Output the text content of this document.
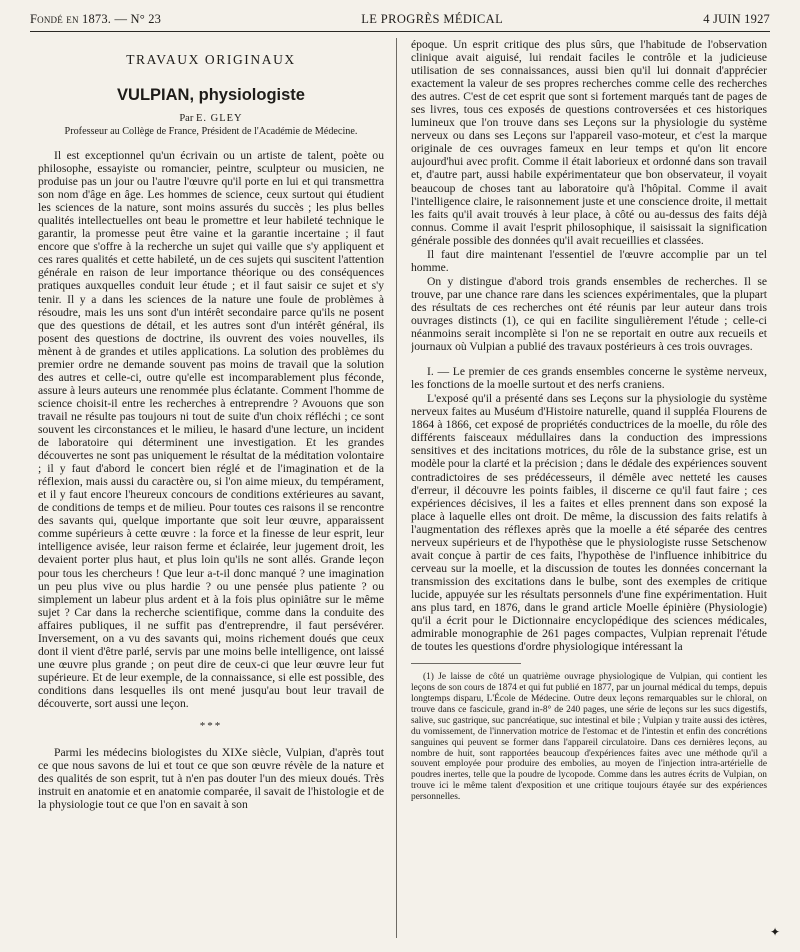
Fondé en 1873. — N° 23	LE PROGRÈS MÉDICAL	4 JUIN 1927
TRAVAUX ORIGINAUX
VULPIAN, physiologiste
Par E. GLEY
Professeur au Collège de France, Président de l'Académie de Médecine.

Il est exceptionnel qu'un écrivain ou un artiste de talent, poète ou philosophe, essayiste ou romancier, peintre, sculpteur ou musicien, ne produise pas un jour ou l'autre l'œuvre qu'il porte en lui et qui transmettra son nom d'âge en âge. Les hommes de science, ceux surtout qui étudient les sciences de la nature, sont moins assurés du succès ; les plus belles qualités intellectuelles ont beau le promettre et leur habileté technique le garantir, la promesse peut être vaine et la garantie incertaine ; il faut encore que s'offre à la recherche un sujet qui vaille que s'y appliquent et ces rares qualités et cette habileté, un de ces sujets qui suscitent l'attention générale en raison de leur importance théorique ou des conséquences pratiques auxquelles conduit leur étude ; et il faut saisir ce sujet et s'y tenir. Il y a dans les sciences de la nature une foule de problèmes à résoudre, mais les uns sont d'un intérêt secondaire parce qu'ils ne posent que des questions de détail, et les autres sont d'un intérêt général, ils posent des questions de doctrine, ils ouvrent des voies nouvelles, ils mènent à de grandes et utiles applications. La solution des problèmes du premier ordre ne demande souvent pas moins de travail que la solution des autres et celle-ci, outre qu'elle est incomparablement plus féconde, assure à leurs auteurs une renommée plus éclatante. Comment l'homme de science choisit-il entre les recherches à entreprendre ? Avouons que son travail ne résulte pas toujours ni tout de suite d'un choix réfléchi ; ce sont souvent les circonstances et le milieu, le hasard d'une lecture, un incident de laboratoire qui déterminent une investigation. Et les grandes découvertes ne sont pas uniquement le résultat de la méditation volontaire ; il y faut d'abord le concert bien réglé et de l'imagination et de la réflexion, mais aussi du caractère ou, si l'on aime mieux, du tempérament, et il y faut encore l'heureux concours de conditions extérieures au savant, de conditions de temps et de milieu. Pour toutes ces raisons il se rencontre des savants qui, quelque importante que soit leur œuvre, apparaissent comme supérieurs à cette œuvre : la force et la finesse de leur esprit, leur intelligence avisée, leur raison ferme et éclairée, leur jugement droit, les devaient porter plus haut, et plus loin qu'ils ne sont allés. Grande leçon pour tous les chercheurs ! Que leur a-t-il donc manqué ? une imagination un peu plus vive ou plus hardie ? ou une pensée plus patiente ? ou simplement un labeur plus ardent et à la fois plus opiniâtre sur le même sujet ? Car dans la recherche scientifique, comme dans la conduite des affaires publiques, il ne suffit pas d'entreprendre, il faut persévérer. Inversement, on a vu des savants qui, moins richement doués que ceux dont il vient d'être parlé, servis par une moins belle intelligence, ont laissé une œuvre plus grande ; on peut dire de ceux-ci que leur œuvre leur fut supérieure. Et de leur exemple, de la connaissance, si elle est possible, des conditions dans lesquelles ils ont mené jusqu'au bout leur travail de découverte, sort aussi une leçon.

***

Parmi les médecins biologistes du XIXe siècle, Vulpian, d'après tout ce que nous savons de lui et tout ce que son œuvre révèle de la nature et des qualités de son esprit, tut à n'en pas douter l'un des mieux doués. Très instruit en anatomie et en anatomie comparée, il savait de l'histologie et de la physiologie tout ce que l'on en savait à son

époque. Un esprit critique des plus sûrs, que l'habitude de l'observation clinique avait aiguisé, lui rendait faciles le contrôle et la judicieuse utilisation de ses connaissances, aussi bien qu'il lui donnait d'apprécier exactement la valeur de ses propres recherches comme celle des recherches des autres. C'est de cet esprit que sont si fortement marqués tant de pages de ses livres, tous ces exposés de questions controversées et ces historiques lumineux que l'on trouve dans ses Leçons sur la physiologie du système nerveux ou dans ses Leçons sur l'appareil vaso-moteur, et c'est la marque originale de ces ouvrages fameux en leur temps et qu'on lit encore aujourd'hui avec profit. Comme il était laborieux et ordonné dans son travail et, d'autre part, aussi habile expérimentateur que bon observateur, il voyait beaucoup de choses tant au laboratoire qu'à l'hôpital. Comme il avait l'intelligence claire, le raisonnement juste et une conscience droite, il mettait les faits qu'il avait trouvés à leur place, à côté ou au-dessus des faits déjà connus. Comme il avait l'esprit philosophique, il saisissait la signification générale possible des données qu'il avait recueillies et classées.

Il faut dire maintenant l'essentiel de l'œuvre accomplie par un tel homme.

On y distingue d'abord trois grands ensembles de recherches. Il se trouve, par une chance rare dans les sciences expérimentales, que la plupart des résultats de ces recherches ont été réunis par leur auteur dans trois ouvrages distincts (1), ce qui en facilite singulièrement l'étude ; celle-ci néanmoins serait incomplète si l'on ne se reportait en outre aux recueils et journaux où Vulpian a publié des travaux postérieurs à ces trois ouvrages.

I. — Le premier de ces grands ensembles concerne le système nerveux, les fonctions de la moelle surtout et des nerfs craniens.

L'exposé qu'il a présenté dans ses Leçons sur la physiologie du système nerveux faites au Muséum d'Histoire naturelle, quand il suppléa Flourens de 1864 à 1866, cet exposé de propriétés conductrices de la moelle, du rôle des différents faisceaux médullaires dans la conduction des impressions sensitives et des incitations motrices, du rôle de la substance grise, est un modèle pour la clarté et la précision ; dans le dédale des expériences souvent contradictoires de ses prédécesseurs, il démêle avec netteté les causes d'erreur, il découvre les points faibles, il discerne ce qu'il faut faire ; ces expériences décisives, il les a faites et elles prennent dans son exposé la place à laquelle elles ont droit. De même, la discussion des faits relatifs à l'augmentation des réflexes après que la moelle a été séparée des centres nerveux supérieurs et de l'hypothèse que le physiologiste russe Setschenow avait conçue à partir de ces faits, l'hypothèse de l'influence inhibitrice du cerveau sur la moelle, et la discussion de toutes les données concernant la transmission des excitations dans le bulbe, sont des exemples de critique lucide, appuyée sur les résultats personnels d'une fine expérimentation. Huit ans plus tard, en 1876, dans le grand article Moelle épinière (Physiologie) qu'il a écrit pour le Dictionnaire encyclopédique des sciences médicales, admirable monographie de 261 pages compactes, Vulpian reprenait l'étude de toutes les questions d'ordre physiologique intéressant la

(1) Je laisse de côté un quatrième ouvrage physiologique de Vulpian, qui contient les leçons de son cours de 1874 et qui fut publié en 1877, par un journal médical du temps, depuis longtemps disparu, L'École de Médecine. Outre deux leçons remarquables sur le chloral, on trouve dans ce fascicule, grand in-8° de 240 pages, une série de leçons sur les sucs digestifs, salive, suc gastrique, suc pancréatique, suc intestinal et bile ; Vulpian y traite aussi des ictères, du vomissement, de l'innervation motrice de l'estomac et de l'intestin et enfin des concrétions sanguines qui peuvent se former dans l'appareil circulatoire. Dans ces dernières leçons, au nombre de huit, sont rapportées beaucoup d'expériences faites avec une méthode qu'il a souvent employée pour produire des embolies, au moyen de l'injection intra-artérielle de poudres inertes, telle que la poudre de lycopode. Comme dans les autres écrits de Vulpian, on trouve ici le même talent d'exposition et une critique toujours étayée sur des expériences personnelles.

✦
